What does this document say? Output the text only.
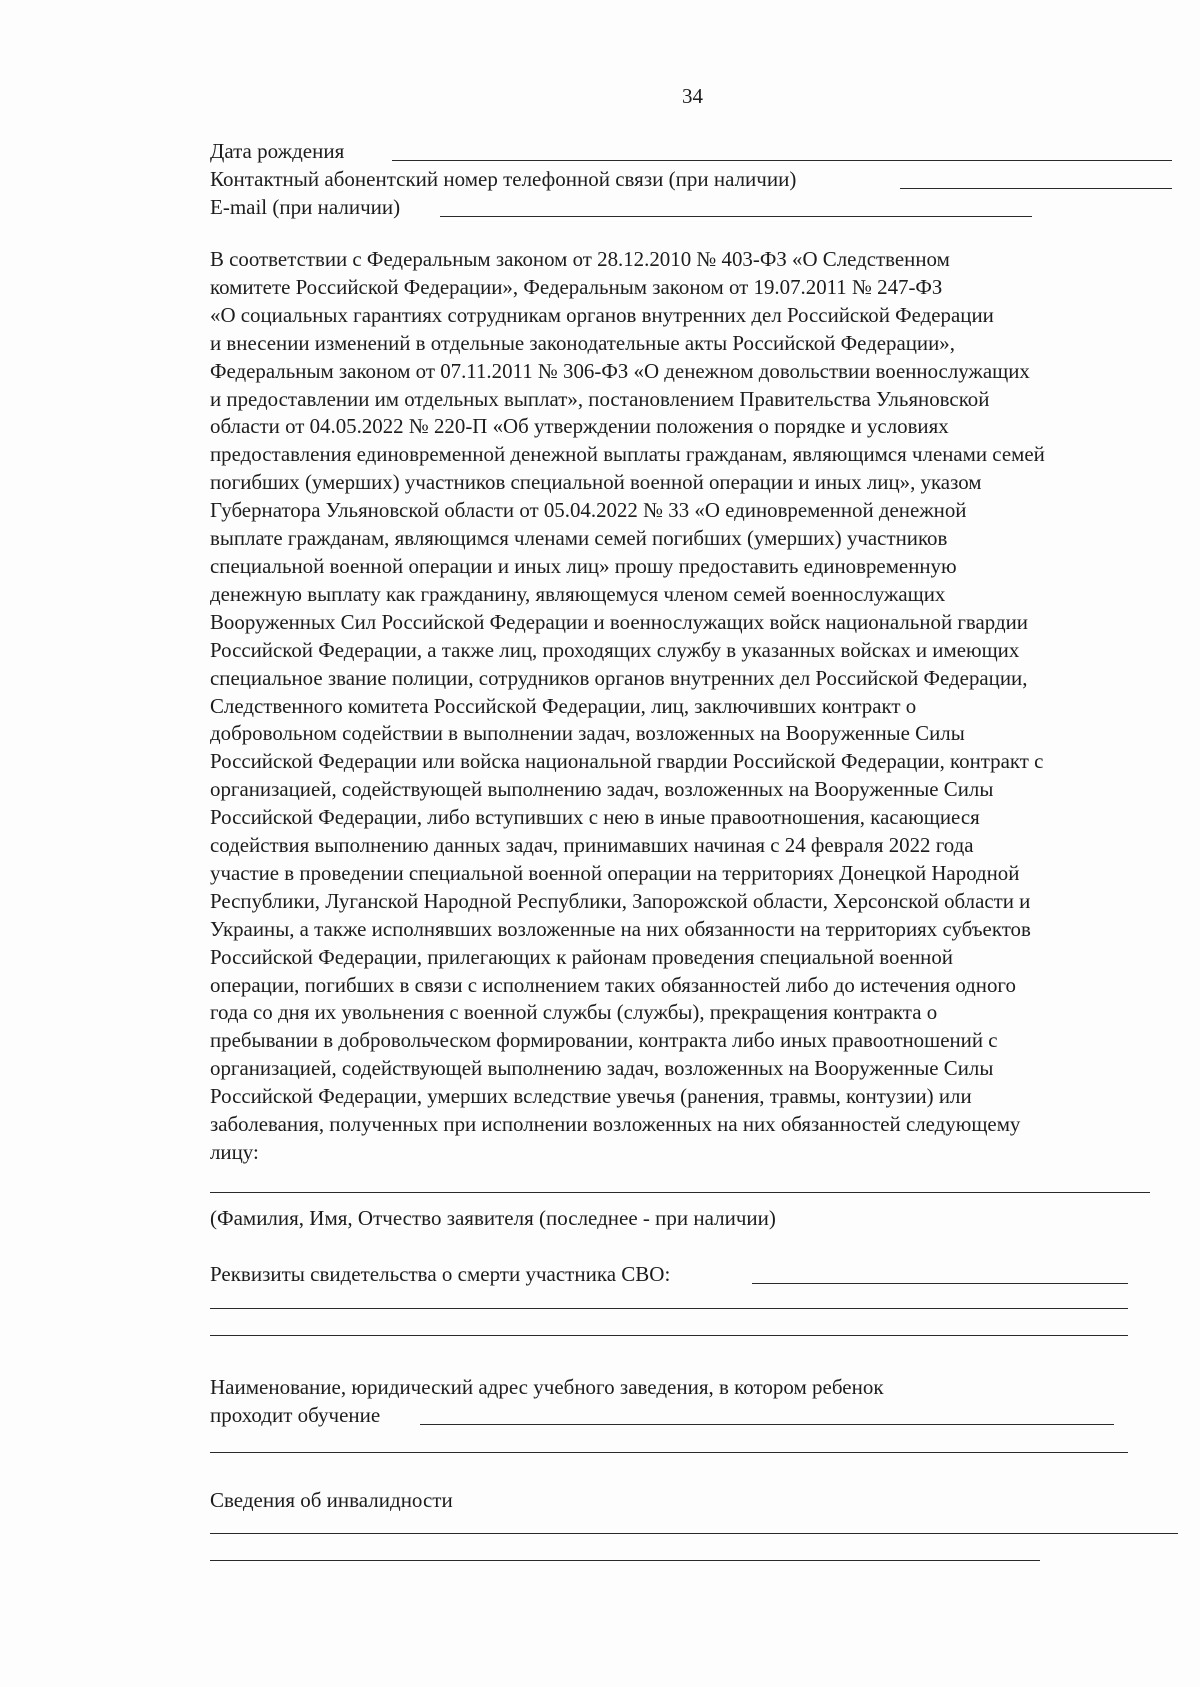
34
Дата рождения
Контактный абонентский номер телефонной связи (при наличии)
E-mail (при наличии)
В соответствии с Федеральным законом от 28.12.2010 № 403-ФЗ «О Следственном
комитете Российской Федерации», Федеральным законом от 19.07.2011 № 247-ФЗ
«О социальных гарантиях сотрудникам органов внутренних дел Российской Федерации
и внесении изменений в отдельные законодательные акты Российской Федерации»,
Федеральным законом от 07.11.2011 № 306-ФЗ «О денежном довольствии военнослужащих
и предоставлении им отдельных выплат», постановлением Правительства Ульяновской
области от 04.05.2022 № 220-П «Об утверждении положения о порядке и условиях
предоставления единовременной денежной выплаты гражданам, являющимся членами семей
погибших (умерших) участников специальной военной операции и иных лиц», указом
Губернатора Ульяновской области от 05.04.2022 № 33 «О единовременной денежной
выплате гражданам, являющимся членами семей погибших (умерших) участников
специальной военной операции и иных лиц» прошу предоставить единовременную
денежную выплату как гражданину, являющемуся членом семей военнослужащих
Вооруженных Сил Российской Федерации и военнослужащих войск национальной гвардии
Российской Федерации, а также лиц, проходящих службу в указанных войсках и имеющих
специальное звание полиции, сотрудников органов внутренних дел Российской Федерации,
Следственного комитета Российской Федерации, лиц, заключивших контракт о
добровольном содействии в выполнении задач, возложенных на Вооруженные Силы
Российской Федерации или войска национальной гвардии Российской Федерации, контракт с
организацией, содействующей выполнению задач, возложенных на Вооруженные Силы
Российской Федерации, либо вступивших с нею в иные правоотношения, касающиеся
содействия выполнению данных задач, принимавших начиная с 24 февраля 2022 года
участие в проведении специальной военной операции на территориях Донецкой Народной
Республики, Луганской Народной Республики, Запорожской области, Херсонской области и
Украины, а также исполнявших возложенные на них обязанности на территориях субъектов
Российской Федерации, прилегающих к районам проведения специальной военной
операции, погибших в связи с исполнением таких обязанностей либо до истечения одного
года со дня их увольнения с военной службы (службы), прекращения контракта о
пребывании в добровольческом формировании, контракта либо иных правоотношений с
организацией, содействующей выполнению задач, возложенных на Вооруженные Силы
Российской Федерации, умерших вследствие увечья (ранения, травмы, контузии) или
заболевания, полученных при исполнении возложенных на них обязанностей следующему
лицу:
(Фамилия, Имя, Отчество заявителя (последнее - при наличии)
Реквизиты свидетельства о смерти участника СВО:
Наименование, юридический адрес учебного заведения, в котором ребенок
проходит обучение
Сведения об инвалидности
